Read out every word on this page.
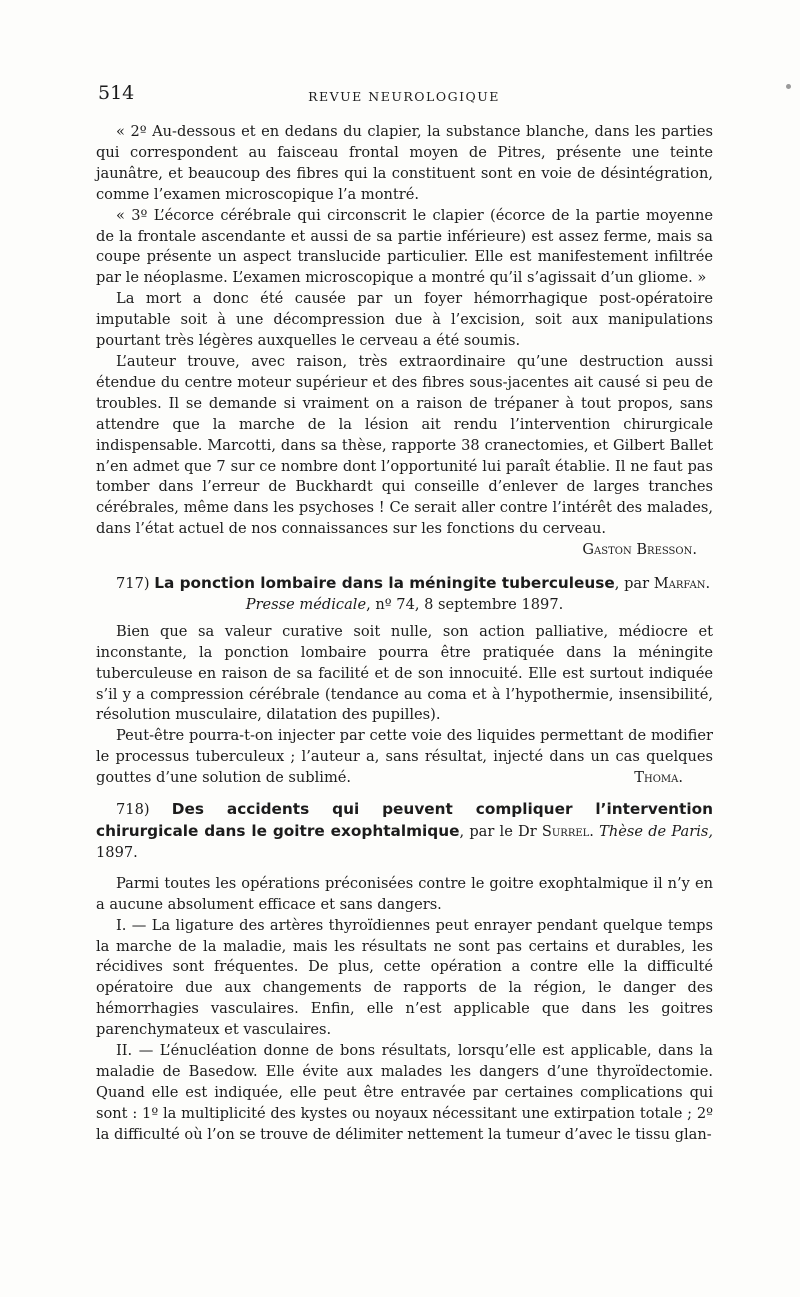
514	REVUE NEUROLOGIQUE

« 2º Au-dessous et en dedans du clapier, la substance blanche, dans les parties qui correspondent au faisceau frontal moyen de Pitres, présente une teinte jaunâtre, et beaucoup des fibres qui la constituent sont en voie de désintégration, comme l’examen microscopique l’a montré.

« 3º L’écorce cérébrale qui circonscrit le clapier (écorce de la partie moyenne de la frontale ascendante et aussi de sa partie inférieure) est assez ferme, mais sa coupe présente un aspect translucide particulier. Elle est manifestement infiltrée par le néoplasme. L’examen microscopique a montré qu’il s’agissait d’un gliome. »

La mort a donc été causée par un foyer hémorrhagique post-opératoire imputable soit à une décompression due à l’excision, soit aux manipulations pourtant très légères auxquelles le cerveau a été soumis.

L’auteur trouve, avec raison, très extraordinaire qu’une destruction aussi étendue du centre moteur supérieur et des fibres sous-jacentes ait causé si peu de troubles. Il se demande si vraiment on a raison de trépaner à tout propos, sans attendre que la marche de la lésion ait rendu l’intervention chirurgicale indispensable. Marcotti, dans sa thèse, rapporte 38 cranectomies, et Gilbert Ballet n’en admet que 7 sur ce nombre dont l’opportunité lui paraît établie. Il ne faut pas tomber dans l’erreur de Buckhardt qui conseille d’enlever de larges tranches cérébrales, même dans les psychoses ! Ce serait aller contre l’intérêt des malades, dans l’état actuel de nos connaissances sur les fonctions du cerveau.

Gaston Bresson.

717) La ponction lombaire dans la méningite tuberculeuse, par Marfan.

Presse médicale, nº 74, 8 septembre 1897.

Bien que sa valeur curative soit nulle, son action palliative, médiocre et inconstante, la ponction lombaire pourra être pratiquée dans la méningite tuberculeuse en raison de sa facilité et de son innocuité. Elle est surtout indiquée s’il y a compression cérébrale (tendance au coma et à l’hypothermie, insensibilité, résolution musculaire, dilatation des pupilles).

Peut-être pourra-t-on injecter par cette voie des liquides permettant de modifier le processus tuberculeux ; l’auteur a, sans résultat, injecté dans un cas quelques gouttes d’une solution de sublimé.	Thoma.

718) Des accidents qui peuvent compliquer l’intervention chirurgicale dans le goitre exophtalmique, par le Dr Surrel. Thèse de Paris, 1897.

Parmi toutes les opérations préconisées contre le goitre exophtalmique il n’y en a aucune absolument efficace et sans dangers.

I. — La ligature des artères thyroïdiennes peut enrayer pendant quelque temps la marche de la maladie, mais les résultats ne sont pas certains et durables, les récidives sont fréquentes. De plus, cette opération a contre elle la difficulté opératoire due aux changements de rapports de la région, le danger des hémorrhagies vasculaires. Enfin, elle n’est applicable que dans les goitres parenchymateux et vasculaires.

II. — L’énucléation donne de bons résultats, lorsqu’elle est applicable, dans la maladie de Basedow. Elle évite aux malades les dangers d’une thyroïdectomie. Quand elle est indiquée, elle peut être entravée par certaines complications qui sont : 1º la multiplicité des kystes ou noyaux nécessitant une extirpation totale ; 2º la difficulté où l’on se trouve de délimiter nettement la tumeur d’avec le tissu glan-
